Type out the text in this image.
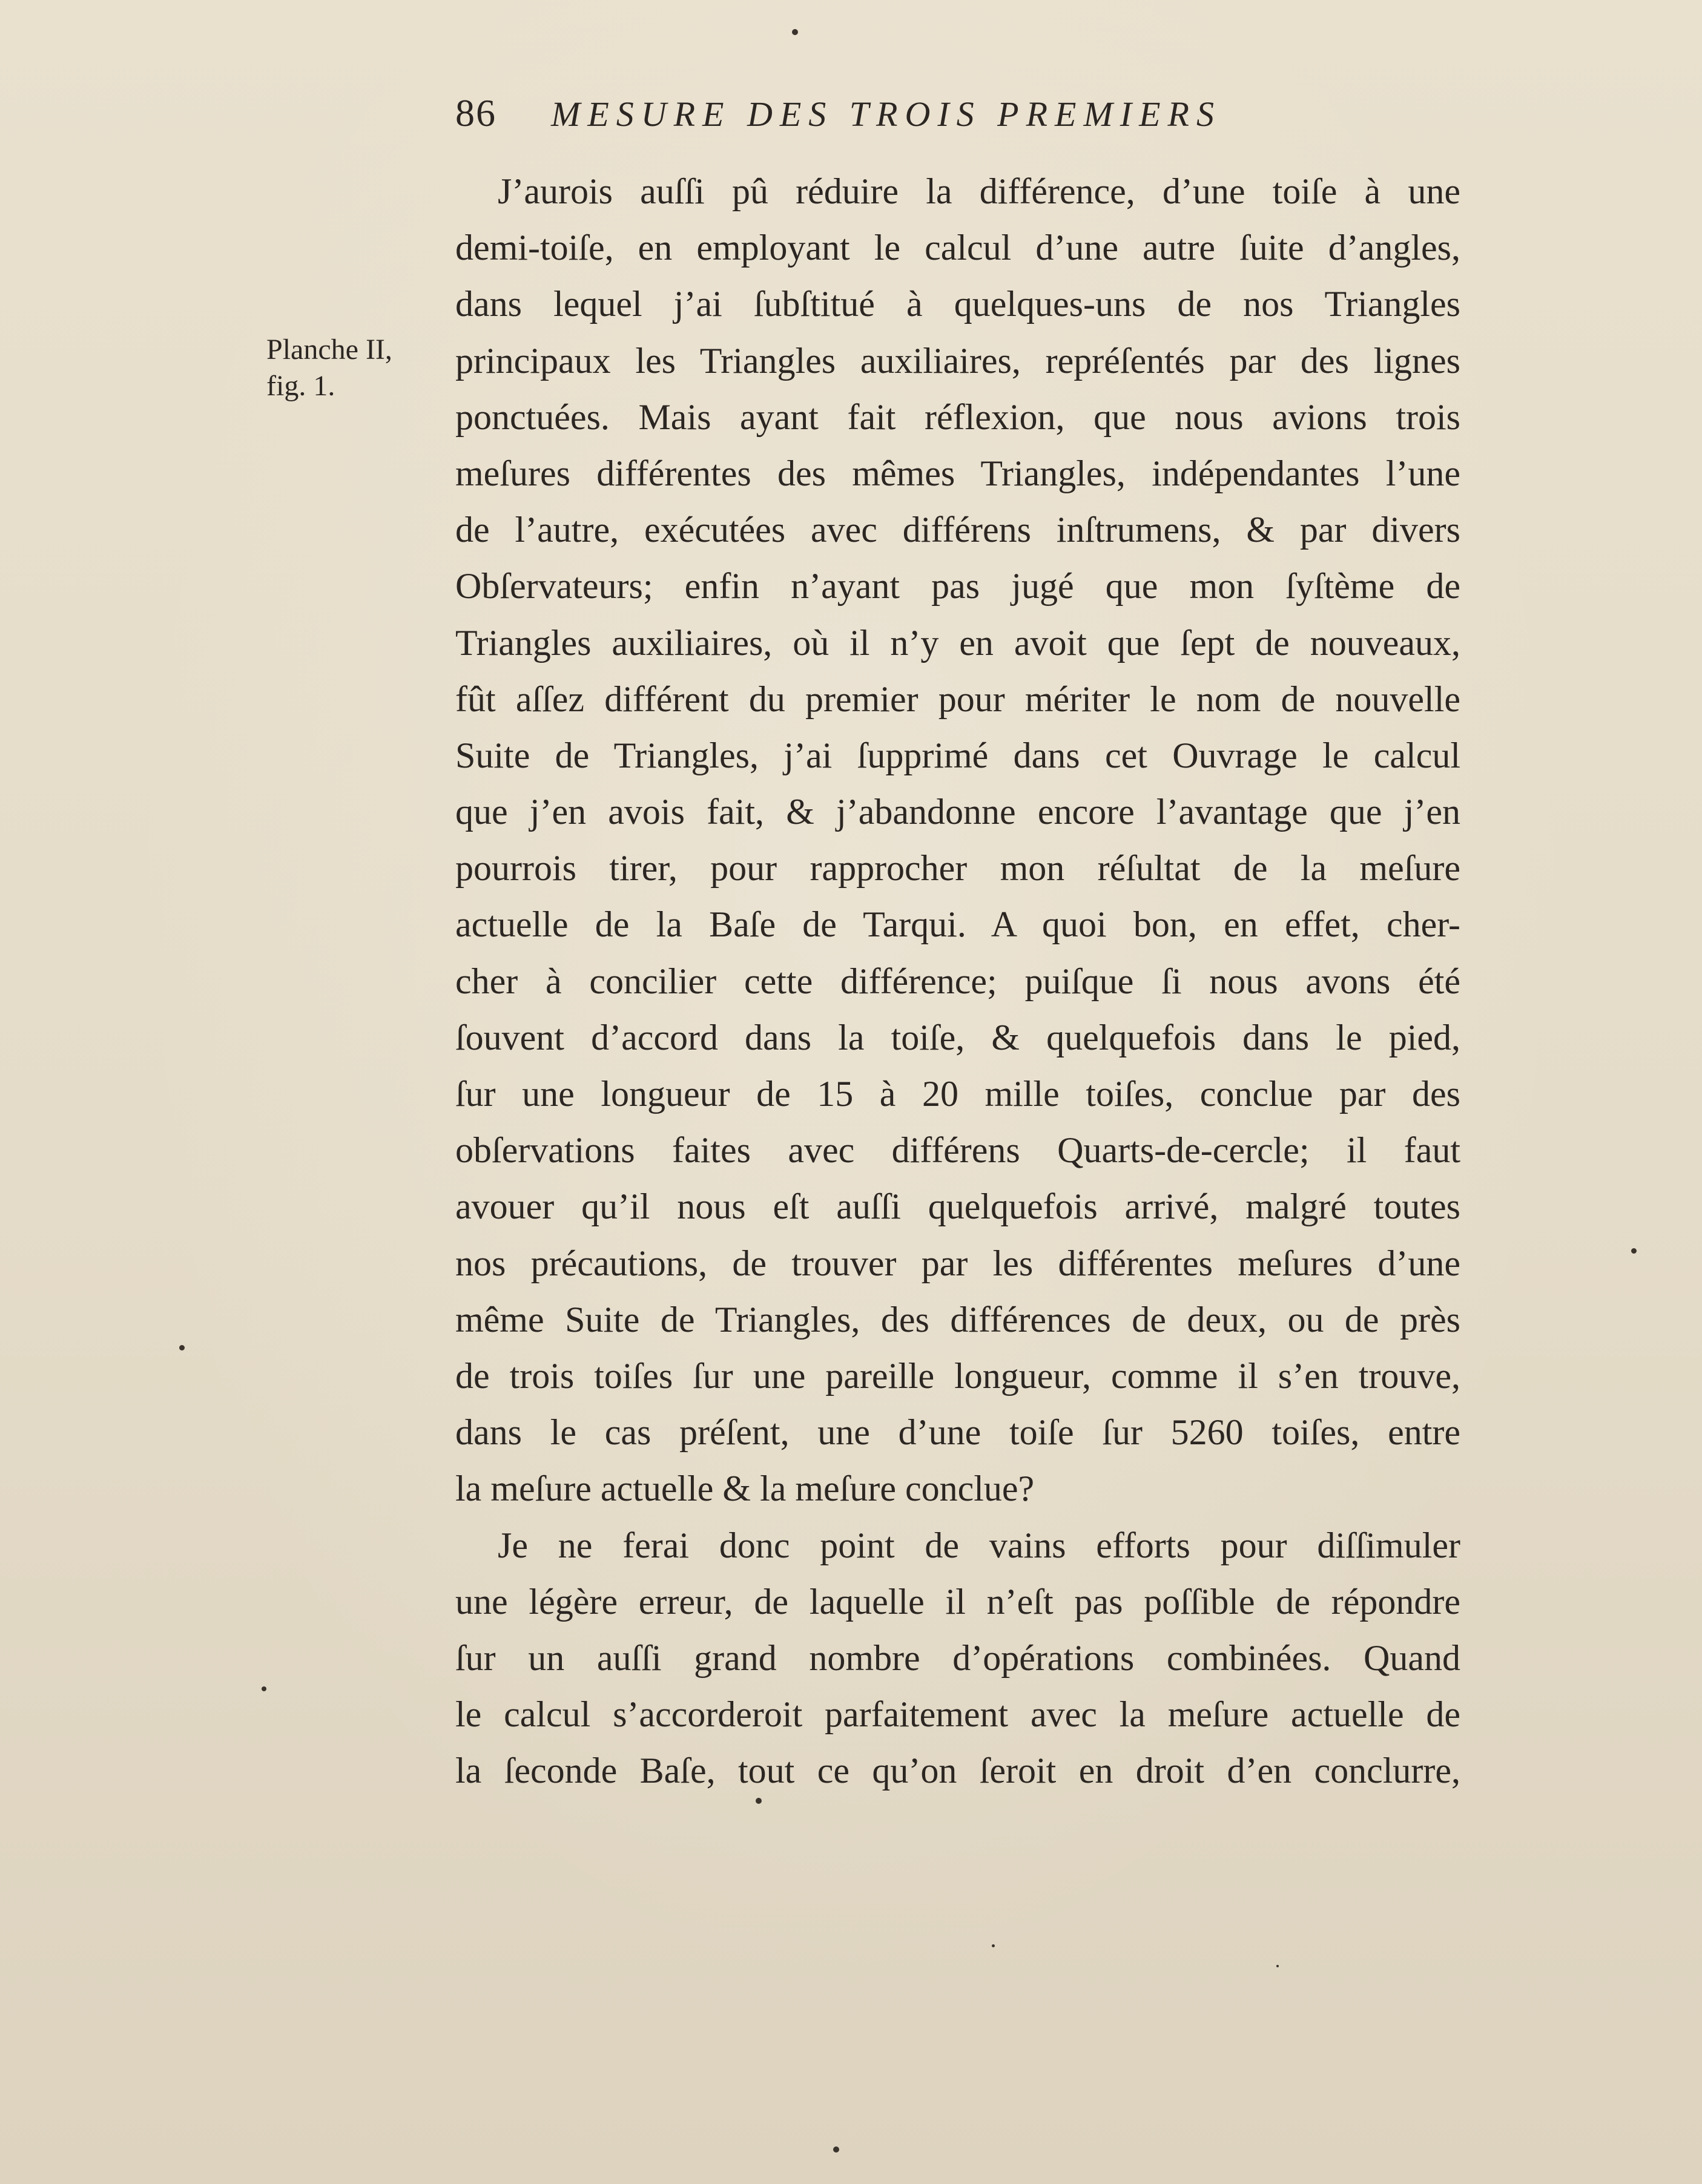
86 MESURE DES TROIS PREMIERS
Planche II,
fig. 1.
J’aurois auſſi pû réduire la différence, d’une toiſe à une
demi-toiſe, en employant le calcul d’une autre ſuite d’angles,
dans lequel j’ai ſubſtitué à quelques-uns de nos Triangles
principaux les Triangles auxiliaires, repréſentés par des lignes
ponctuées. Mais ayant fait réflexion, que nous avions trois
meſures différentes des mêmes Triangles, indépendantes l’une
de l’autre, exécutées avec différens inſtrumens, & par divers
Obſervateurs; enfin n’ayant pas jugé que mon ſyſtème de
Triangles auxiliaires, où il n’y en avoit que ſept de nouveaux,
fût aſſez différent du premier pour mériter le nom de nouvelle
Suite de Triangles, j’ai ſupprimé dans cet Ouvrage le calcul
que j’en avois fait, & j’abandonne encore l’avantage que j’en
pourrois tirer, pour rapprocher mon réſultat de la meſure
actuelle de la Baſe de Tarqui. A quoi bon, en effet, cher-
cher à concilier cette différence; puiſque ſi nous avons été
ſouvent d’accord dans la toiſe, & quelquefois dans le pied,
ſur une longueur de 15 à 20 mille toiſes, concluе par des
obſervations faites avec différens Quarts-de-cercle; il faut
avouer qu’il nous eſt auſſi quelquefois arrivé, malgré toutes
nos précautions, de trouver par les différentes meſures d’une
même Suite de Triangles, des différences de deux, ou de près
de trois toiſes ſur une pareille longueur, comme il s’en trouve,
dans le cas préſent, une d’une toiſe ſur 5260 toiſes, entre
la meſure actuelle & la meſure concluе?
Je ne ferai donc point de vains efforts pour diſſimuler
une légère erreur, de laquelle il n’eſt pas poſſible de répondre
ſur un auſſi grand nombre d’opérations combinées. Quand
le calcul s’accorderoit parfaitement avec la meſure actuelle de
la ſeconde Baſe, tout ce qu’on ſeroit en droit d’en conclurre,
